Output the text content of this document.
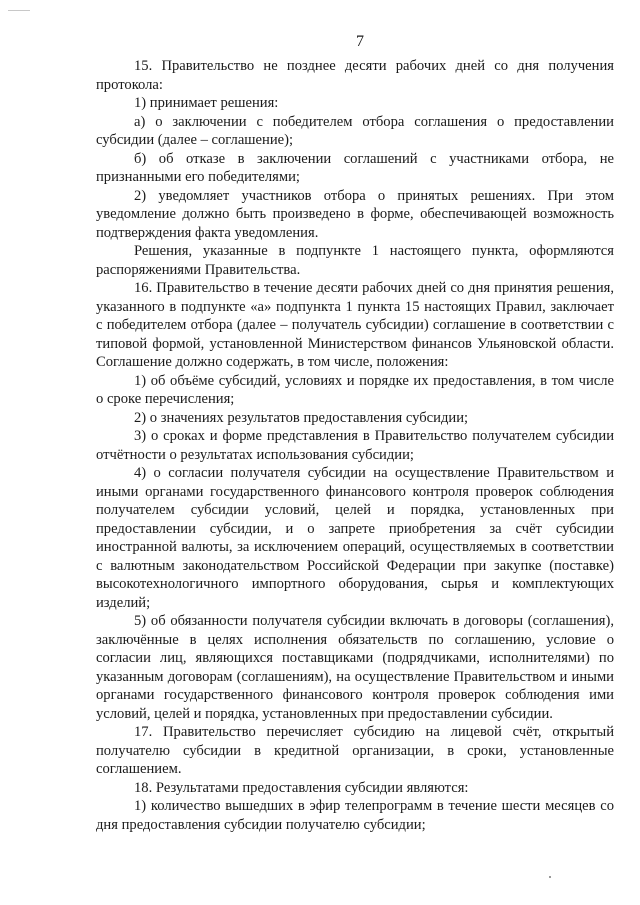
7

15. Правительство не позднее десяти рабочих дней со дня получения протокола:

1) принимает решения:

а) о заключении с победителем отбора соглашения о предоставлении субсидии (далее – соглашение);

б) об отказе в заключении соглашений с участниками отбора, не признанными его победителями;

2) уведомляет участников отбора о принятых решениях. При этом уведомление должно быть произведено в форме, обеспечивающей возможность подтверждения факта уведомления.

Решения, указанные в подпункте 1 настоящего пункта, оформляются распоряжениями Правительства.

16. Правительство в течение десяти рабочих дней со дня принятия решения, указанного в подпункте «а» подпункта 1 пункта 15 настоящих Правил, заключает с победителем отбора (далее – получатель субсидии) соглашение в соответствии с типовой формой, установленной Министерством финансов Ульяновской области. Соглашение должно содержать, в том числе, положения:

1) об объёме субсидий, условиях и порядке их предоставления, в том числе о сроке перечисления;

2) о значениях результатов предоставления субсидии;

3) о сроках и форме представления в Правительство получателем субсидии отчётности о результатах использования субсидии;

4) о согласии получателя субсидии на осуществление Правительством и иными органами государственного финансового контроля проверок соблюдения получателем субсидии условий, целей и порядка, установленных при предоставлении субсидии, и о запрете приобретения за счёт субсидии иностранной валюты, за исключением операций, осуществляемых в соответствии с валютным законодательством Российской Федерации при закупке (поставке) высокотехнологичного импортного оборудования, сырья и комплектующих изделий;

5) об обязанности получателя субсидии включать в договоры (соглашения), заключённые в целях исполнения обязательств по соглашению, условие о согласии лиц, являющихся поставщиками (подрядчиками, исполнителями) по указанным договорам (соглашениям), на осуществление Правительством и иными органами государственного финансового контроля проверок соблюдения ими условий, целей и порядка, установленных при предоставлении субсидии.

17. Правительство перечисляет субсидию на лицевой счёт, открытый получателю субсидии в кредитной организации, в сроки, установленные соглашением.

18. Результатами предоставления субсидии являются:

1) количество вышедших в эфир телепрограмм в течение шести месяцев со дня предоставления субсидии получателю субсидии;
